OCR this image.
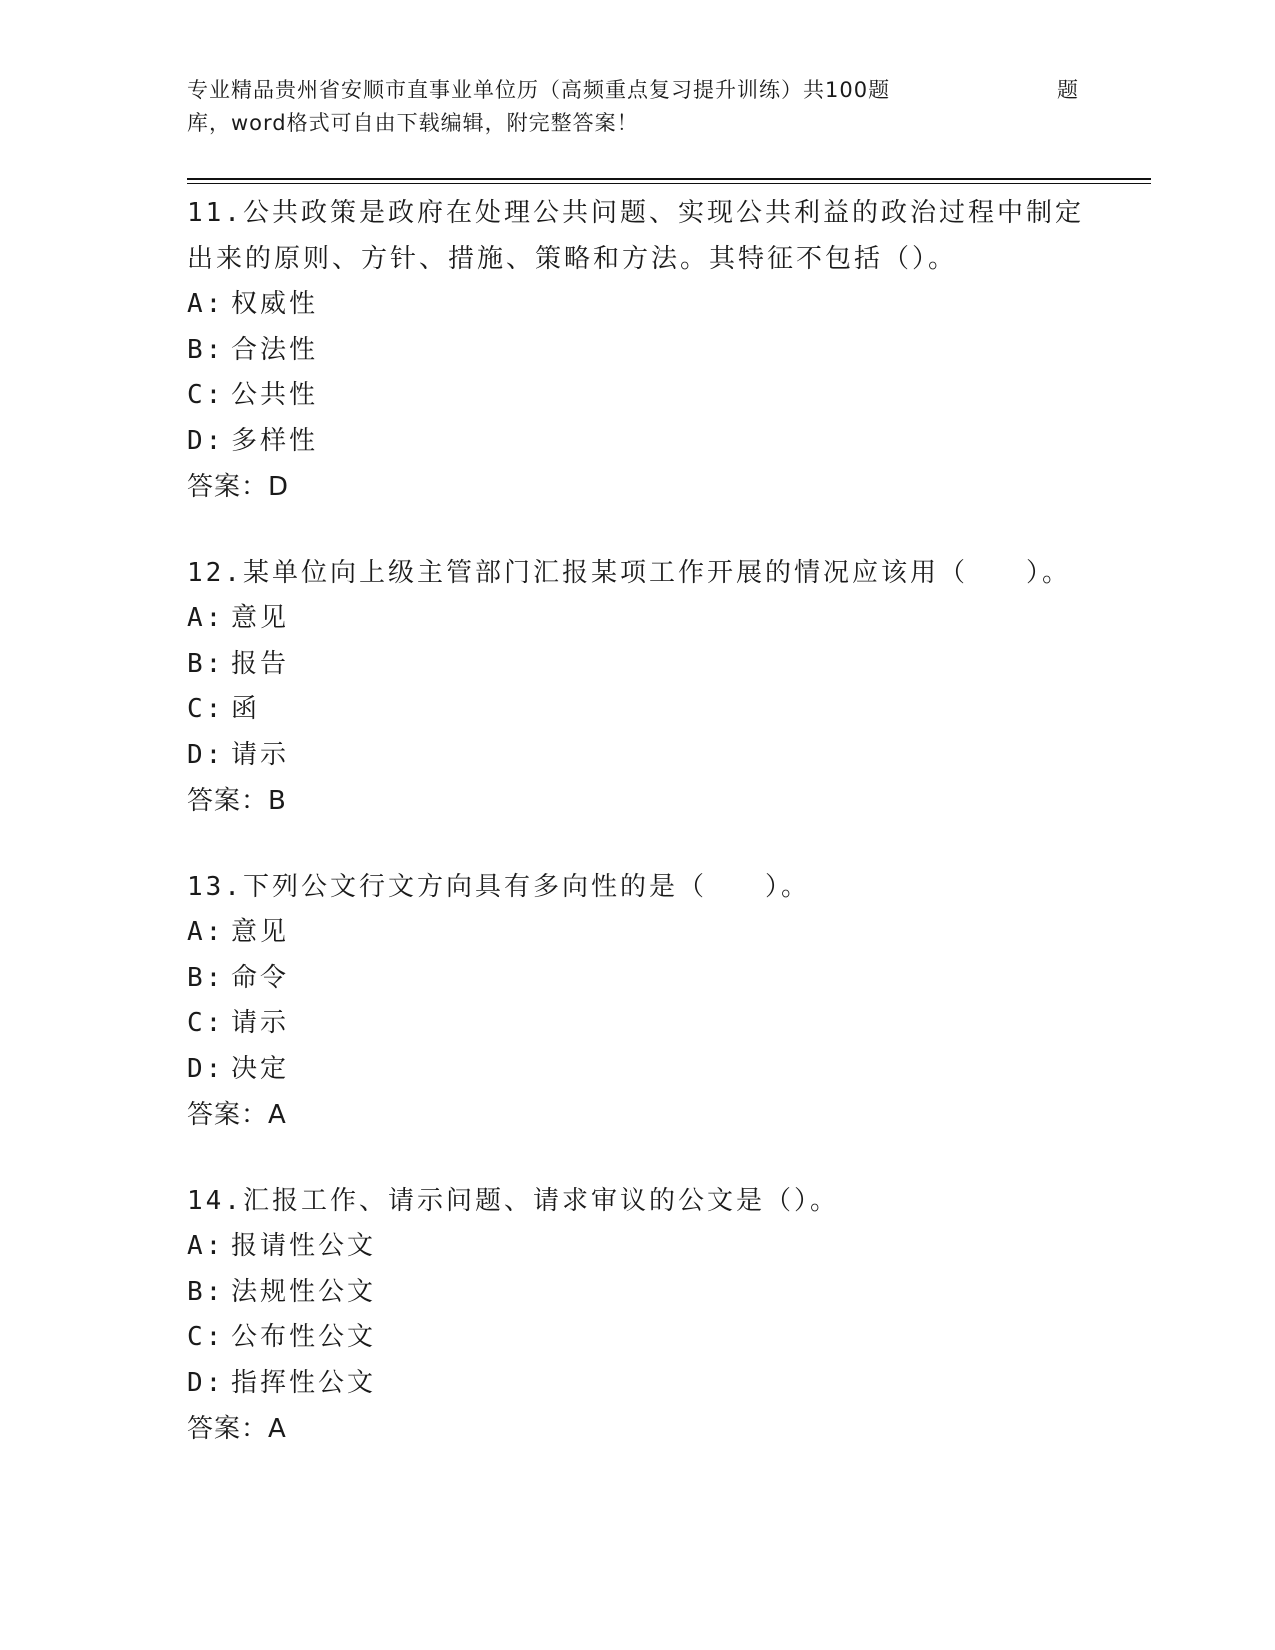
专业精品贵州省安顺市直事业单位历（高频重点复习提升训练）共100题	题
库，word格式可自由下载编辑，附完整答案！

11.公共政策是政府在处理公共问题、实现公共利益的政治过程中制定

出来的原则、方针、措施、策略和方法。其特征不包括（）。

A: 权威性

B: 合法性

C: 公共性

D: 多样性

答案：D

12.某单位向上级主管部门汇报某项工作开展的情况应该用（　　）。

A: 意见

B: 报告

C: 函

D: 请示

答案：B

13.下列公文行文方向具有多向性的是（　　）。

A: 意见

B: 命令

C: 请示

D: 决定

答案：A

14.汇报工作、请示问题、请求审议的公文是（）。

A: 报请性公文

B: 法规性公文

C: 公布性公文

D: 指挥性公文

答案：A
